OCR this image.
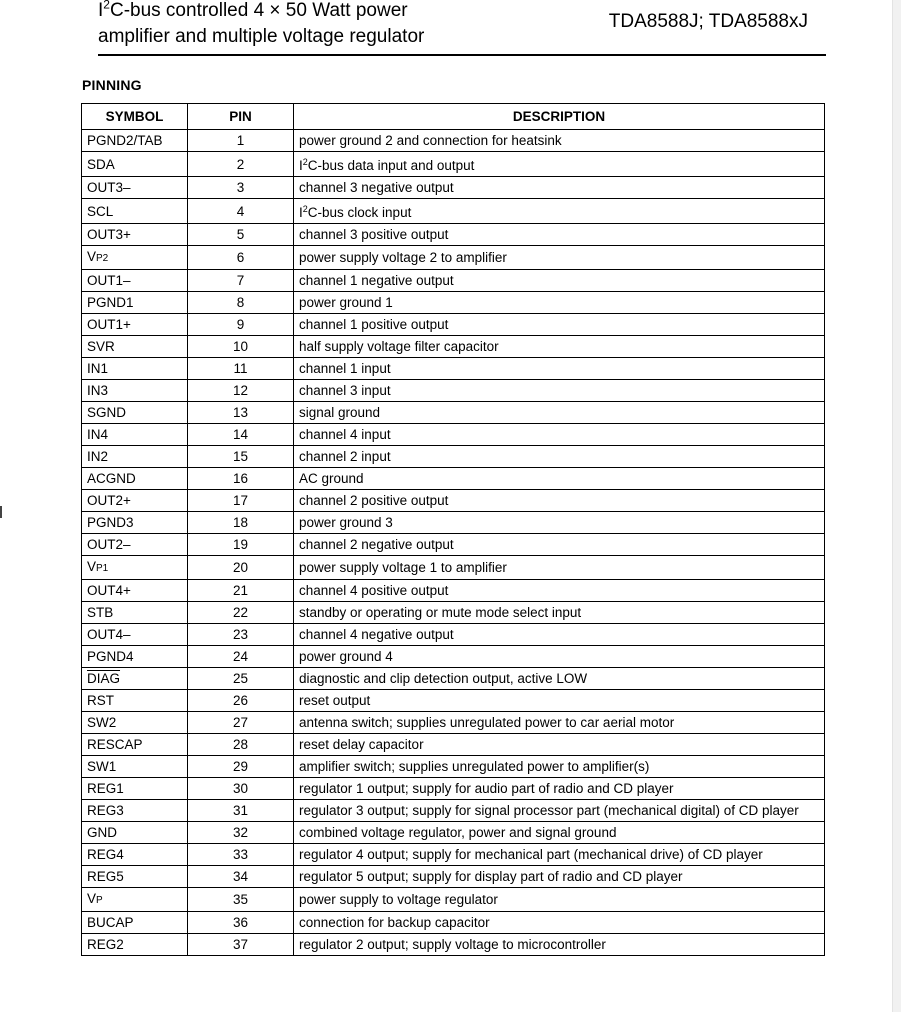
$I^2C$-bus controlled 4 × 50 Watt power
amplifier and multiple voltage regulator
TDA8588J; TDA8588xJ
PINNING
SYMBOL	PIN	DESCRIPTION
PGND2/TAB	1	power ground 2 and connection for heatsink
SDA	2	$I^2C$-bus data input and output
OUT3–	3	channel 3 negative output
SCL	4	$I^2C$-bus clock input
OUT3+	5	channel 3 positive output
VP2	6	power supply voltage 2 to amplifier
OUT1–	7	channel 1 negative output
PGND1	8	power ground 1
OUT1+	9	channel 1 positive output
SVR	10	half supply voltage filter capacitor
IN1	11	channel 1 input
IN3	12	channel 3 input
SGND	13	signal ground
IN4	14	channel 4 input
IN2	15	channel 2 input
ACGND	16	AC ground
OUT2+	17	channel 2 positive output
PGND3	18	power ground 3
OUT2–	19	channel 2 negative output
VP1	20	power supply voltage 1 to amplifier
OUT4+	21	channel 4 positive output
STB	22	standby or operating or mute mode select input
OUT4–	23	channel 4 negative output
PGND4	24	power ground 4
DIAG	25	diagnostic and clip detection output, active LOW
RST	26	reset output
SW2	27	antenna switch; supplies unregulated power to car aerial motor
RESCAP	28	reset delay capacitor
SW1	29	amplifier switch; supplies unregulated power to amplifier(s)
REG1	30	regulator 1 output; supply for audio part of radio and CD player
REG3	31	regulator 3 output; supply for signal processor part (mechanical digital) of CD player
GND	32	combined voltage regulator, power and signal ground
REG4	33	regulator 4 output; supply for mechanical part (mechanical drive) of CD player
REG5	34	regulator 5 output; supply for display part of radio and CD player
VP	35	power supply to voltage regulator
BUCAP	36	connection for backup capacitor
REG2	37	regulator 2 output; supply voltage to microcontroller
